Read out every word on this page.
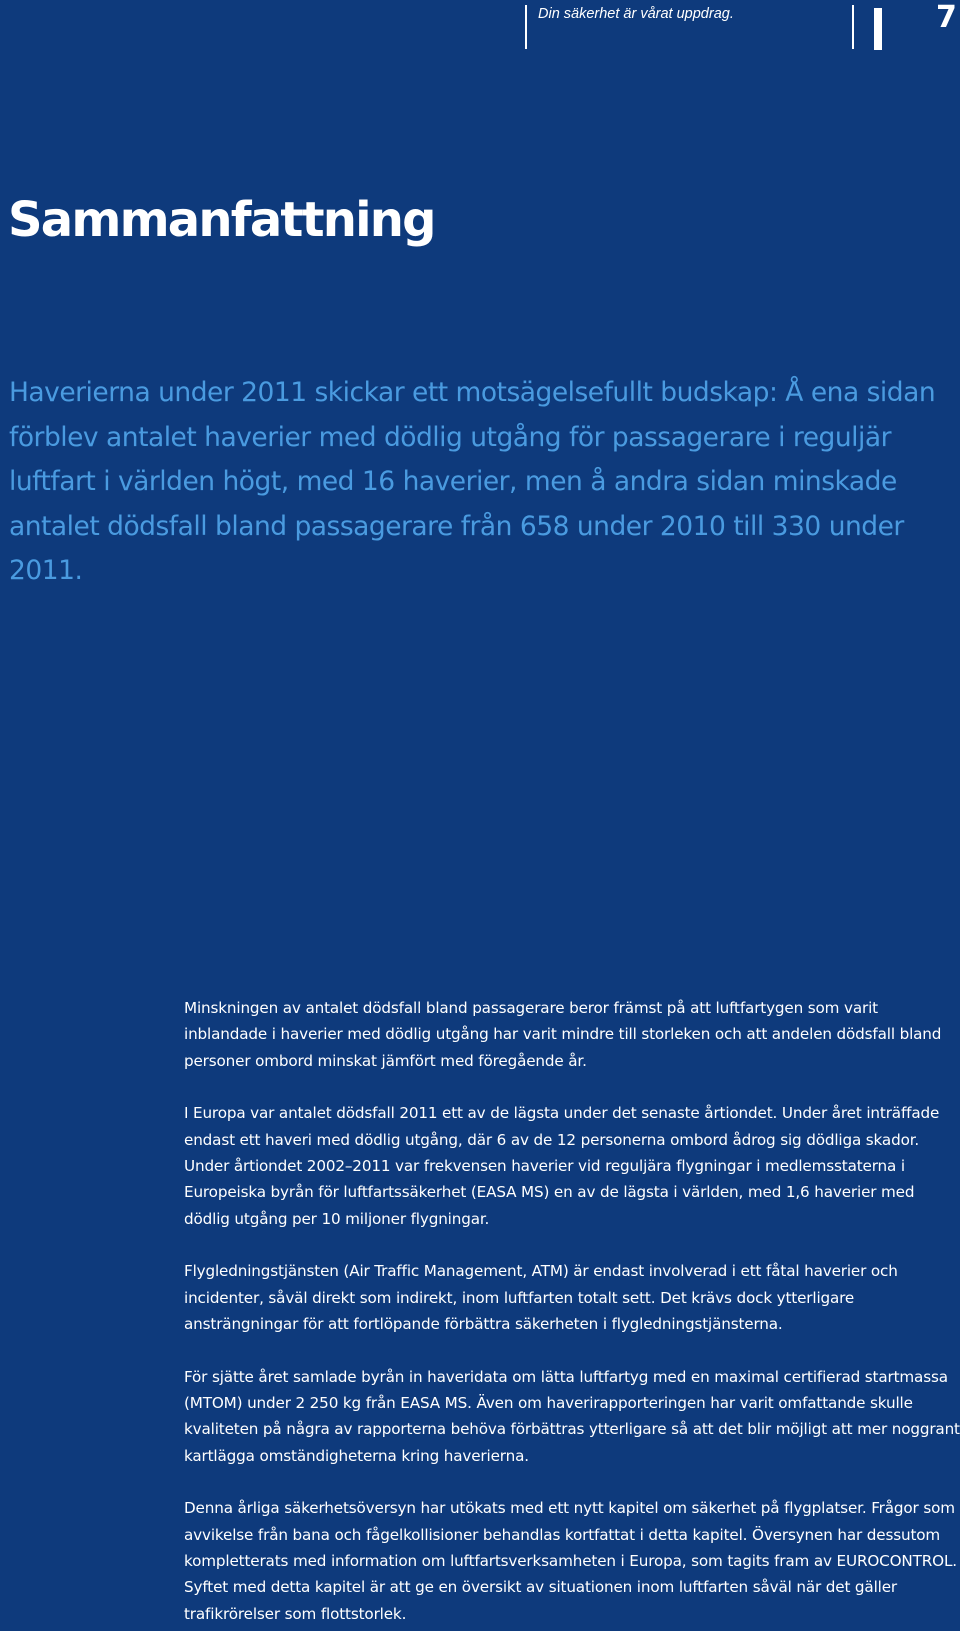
Din säkerhet är vårat uppdrag.	7
Sammanfattning

Haverierna under 2011 skickar ett motsägelsefullt budskap: Å ena sidan förblev antalet haverier med dödlig utgång för passagerare i reguljär luftfart i världen högt, med 16 haverier, men å andra sidan minskade antalet dödsfall bland passagerare från 658 under 2010 till 330 under 2011.

Minskningen av antalet dödsfall bland passagerare beror främst på att luftfartygen som varit inblandade i haverier med dödlig utgång har varit mindre till storleken och att andelen dödsfall bland personer ombord minskat jämfört med föregående år.

I Europa var antalet dödsfall 2011 ett av de lägsta under det senaste årtiondet. Under året inträffade endast ett haveri med dödlig utgång, där 6 av de 12 personerna ombord ådrog sig dödliga skador. Under årtiondet 2002–2011 var frekvensen haverier vid reguljära flygningar i medlemsstaterna i Europeiska byrån för luftfartssäkerhet (EASA MS) en av de lägsta i världen, med 1,6 haverier med dödlig utgång per 10 miljoner flygningar.

Flygledningstjänsten (Air Traffic Management, ATM) är endast involverad i ett fåtal haverier och incidenter, såväl direkt som indirekt, inom luftfarten totalt sett. Det krävs dock ytterligare ansträngningar för att fortlöpande förbättra säkerheten i flygledningstjänsterna.

För sjätte året samlade byrån in haveridata om lätta luftfartyg med en maximal certifierad startmassa (MTOM) under 2 250 kg från EASA MS. Även om haverirapporteringen har varit omfattande skulle kvaliteten på några av rapporterna behöva förbättras ytterligare så att det blir möjligt att mer noggrant kartlägga omständigheterna kring haverierna.

Denna årliga säkerhetsöversyn har utökats med ett nytt kapitel om säkerhet på flygplatser. Frågor som avvikelse från bana och fågelkollisioner behandlas kortfattat i detta kapitel. Översynen har dessutom kompletterats med information om luftfartsverksamheten i Europa, som tagits fram av EUROCONTROL. Syftet med detta kapitel är att ge en översikt av situationen inom luftfarten såväl när det gäller trafikrörelser som flottstorlek.
